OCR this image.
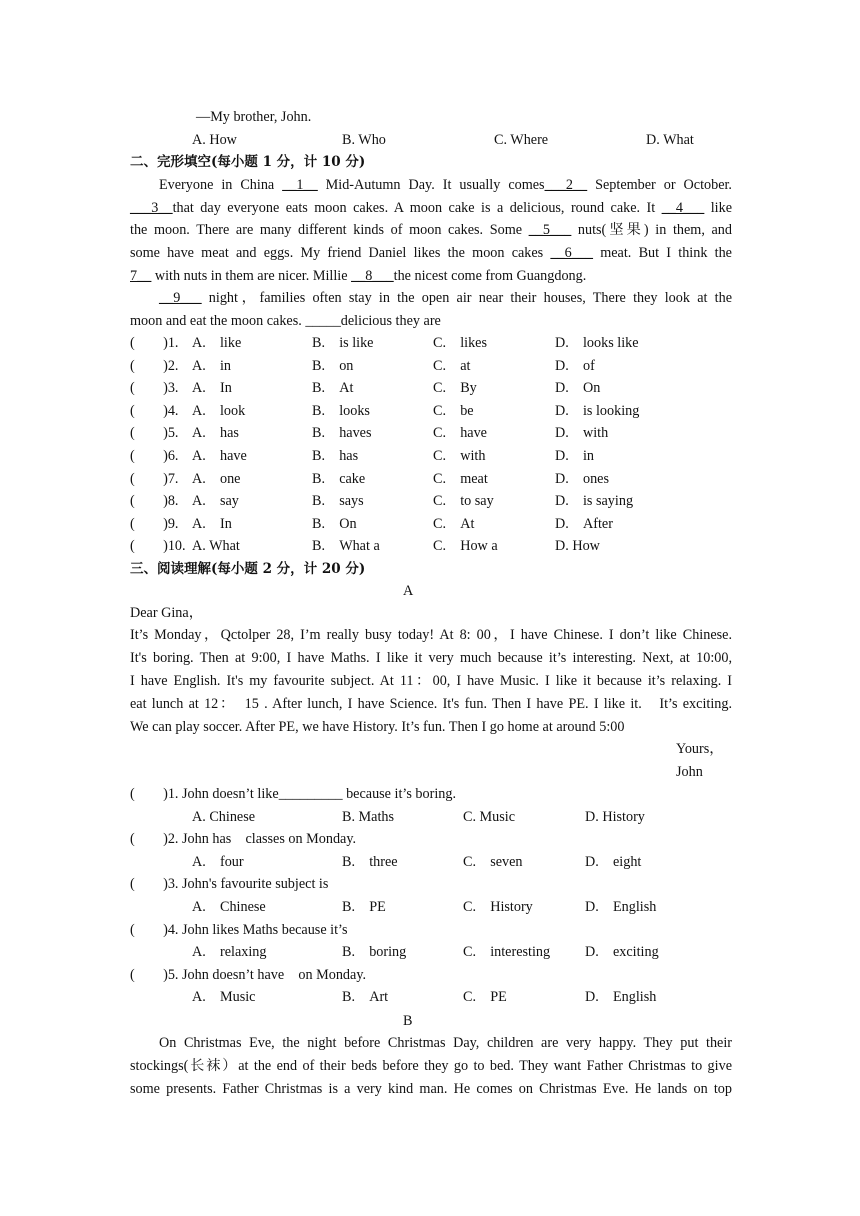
—My brother, John.
A. How	B. Who	C. Where	D. What
二、完形填空(每小题 1 分，计 10 分)
Everyone in China __1__ Mid-Autumn Day. It usually comes___2__ September or October.
___3__that day everyone eats moon cakes. A moon cake is a delicious, round cake. It __4___ like
the moon. There are many different kinds of moon cakes. Some __5___ nuts(坚果) in them, and
some have meat and eggs. My friend Daniel likes the moon cakes __6___ meat. But I think the
7__ with nuts in them are nicer. Millie __8___the nicest come from Guangdong.
__9___ night，families often stay in the open air near their houses, There they look at the
moon and eat the moon cakes. _____delicious they are
(　　)1. A.　like	B.　is like	C.　likes	D.　looks like
(　　)2. A.　in	B.　on	C.　at	D.　of
(　　)3. A.　In	B.　At	C.　By	D.　On
(　　)4. A.　look	B.　looks	C.　be	D.　is looking
(　　)5. A.　has	B.　haves	C.　have	D.　with
(　　)6. A.　have	B.　has	C.　with	D.　in
(　　)7. A.　one	B.　cake	C.　meat	D.　ones
(　　)8. A.　say	B.　says	C.　to say	D.　is saying
(　　)9. A.　In	B.　On	C.　At	D.　After
(　　)10. A. What	B.　What a	C.　How a	D. How
三、阅读理解(每小题 2 分，计 20 分)
A
Dear Gina，
It’s Monday，Qctolper 28, I’m really busy today! At 8: 00，I have Chinese. I don’t like Chinese.
It's boring. Then at 9:00, I have Maths. I like it very much because it’s interesting. Next, at 10:00,
I have English. It's my favourite subject. At 11：00, I have Music. I like it because it’s relaxing. I
eat lunch at 12：　15 . After lunch, I have Science. It's fun. Then I have PE. I like it.　It’s exciting.
We can play soccer. After PE, we have History. It’s fun. Then I go home at around 5:00
Yours，
John
(　　)1. John doesn’t like_________ because it’s boring.
A. Chinese	B. Maths	C. Music	D. History
(　　)2. John has　classes on Monday.
A.　four	B.　three	C.　seven	D.　eight
(　　)3. John's favourite subject is
A.　Chinese	B.　PE	C.　History	D.　English
(　　)4. John likes Maths because it’s
A.　relaxing	B.　boring	C.　interesting D.　exciting
(　　)5. John doesn’t have　on Monday.
A.　Music	B.　Art	C.　PE	D.　English
B
On Christmas Eve, the night before Christmas Day, children are very happy. They put their
stockings(长袜）at the end of their beds before they go to bed. They want Father Christmas to give
some presents. Father Christmas is a very kind man. He comes on Christmas Eve. He lands on top
